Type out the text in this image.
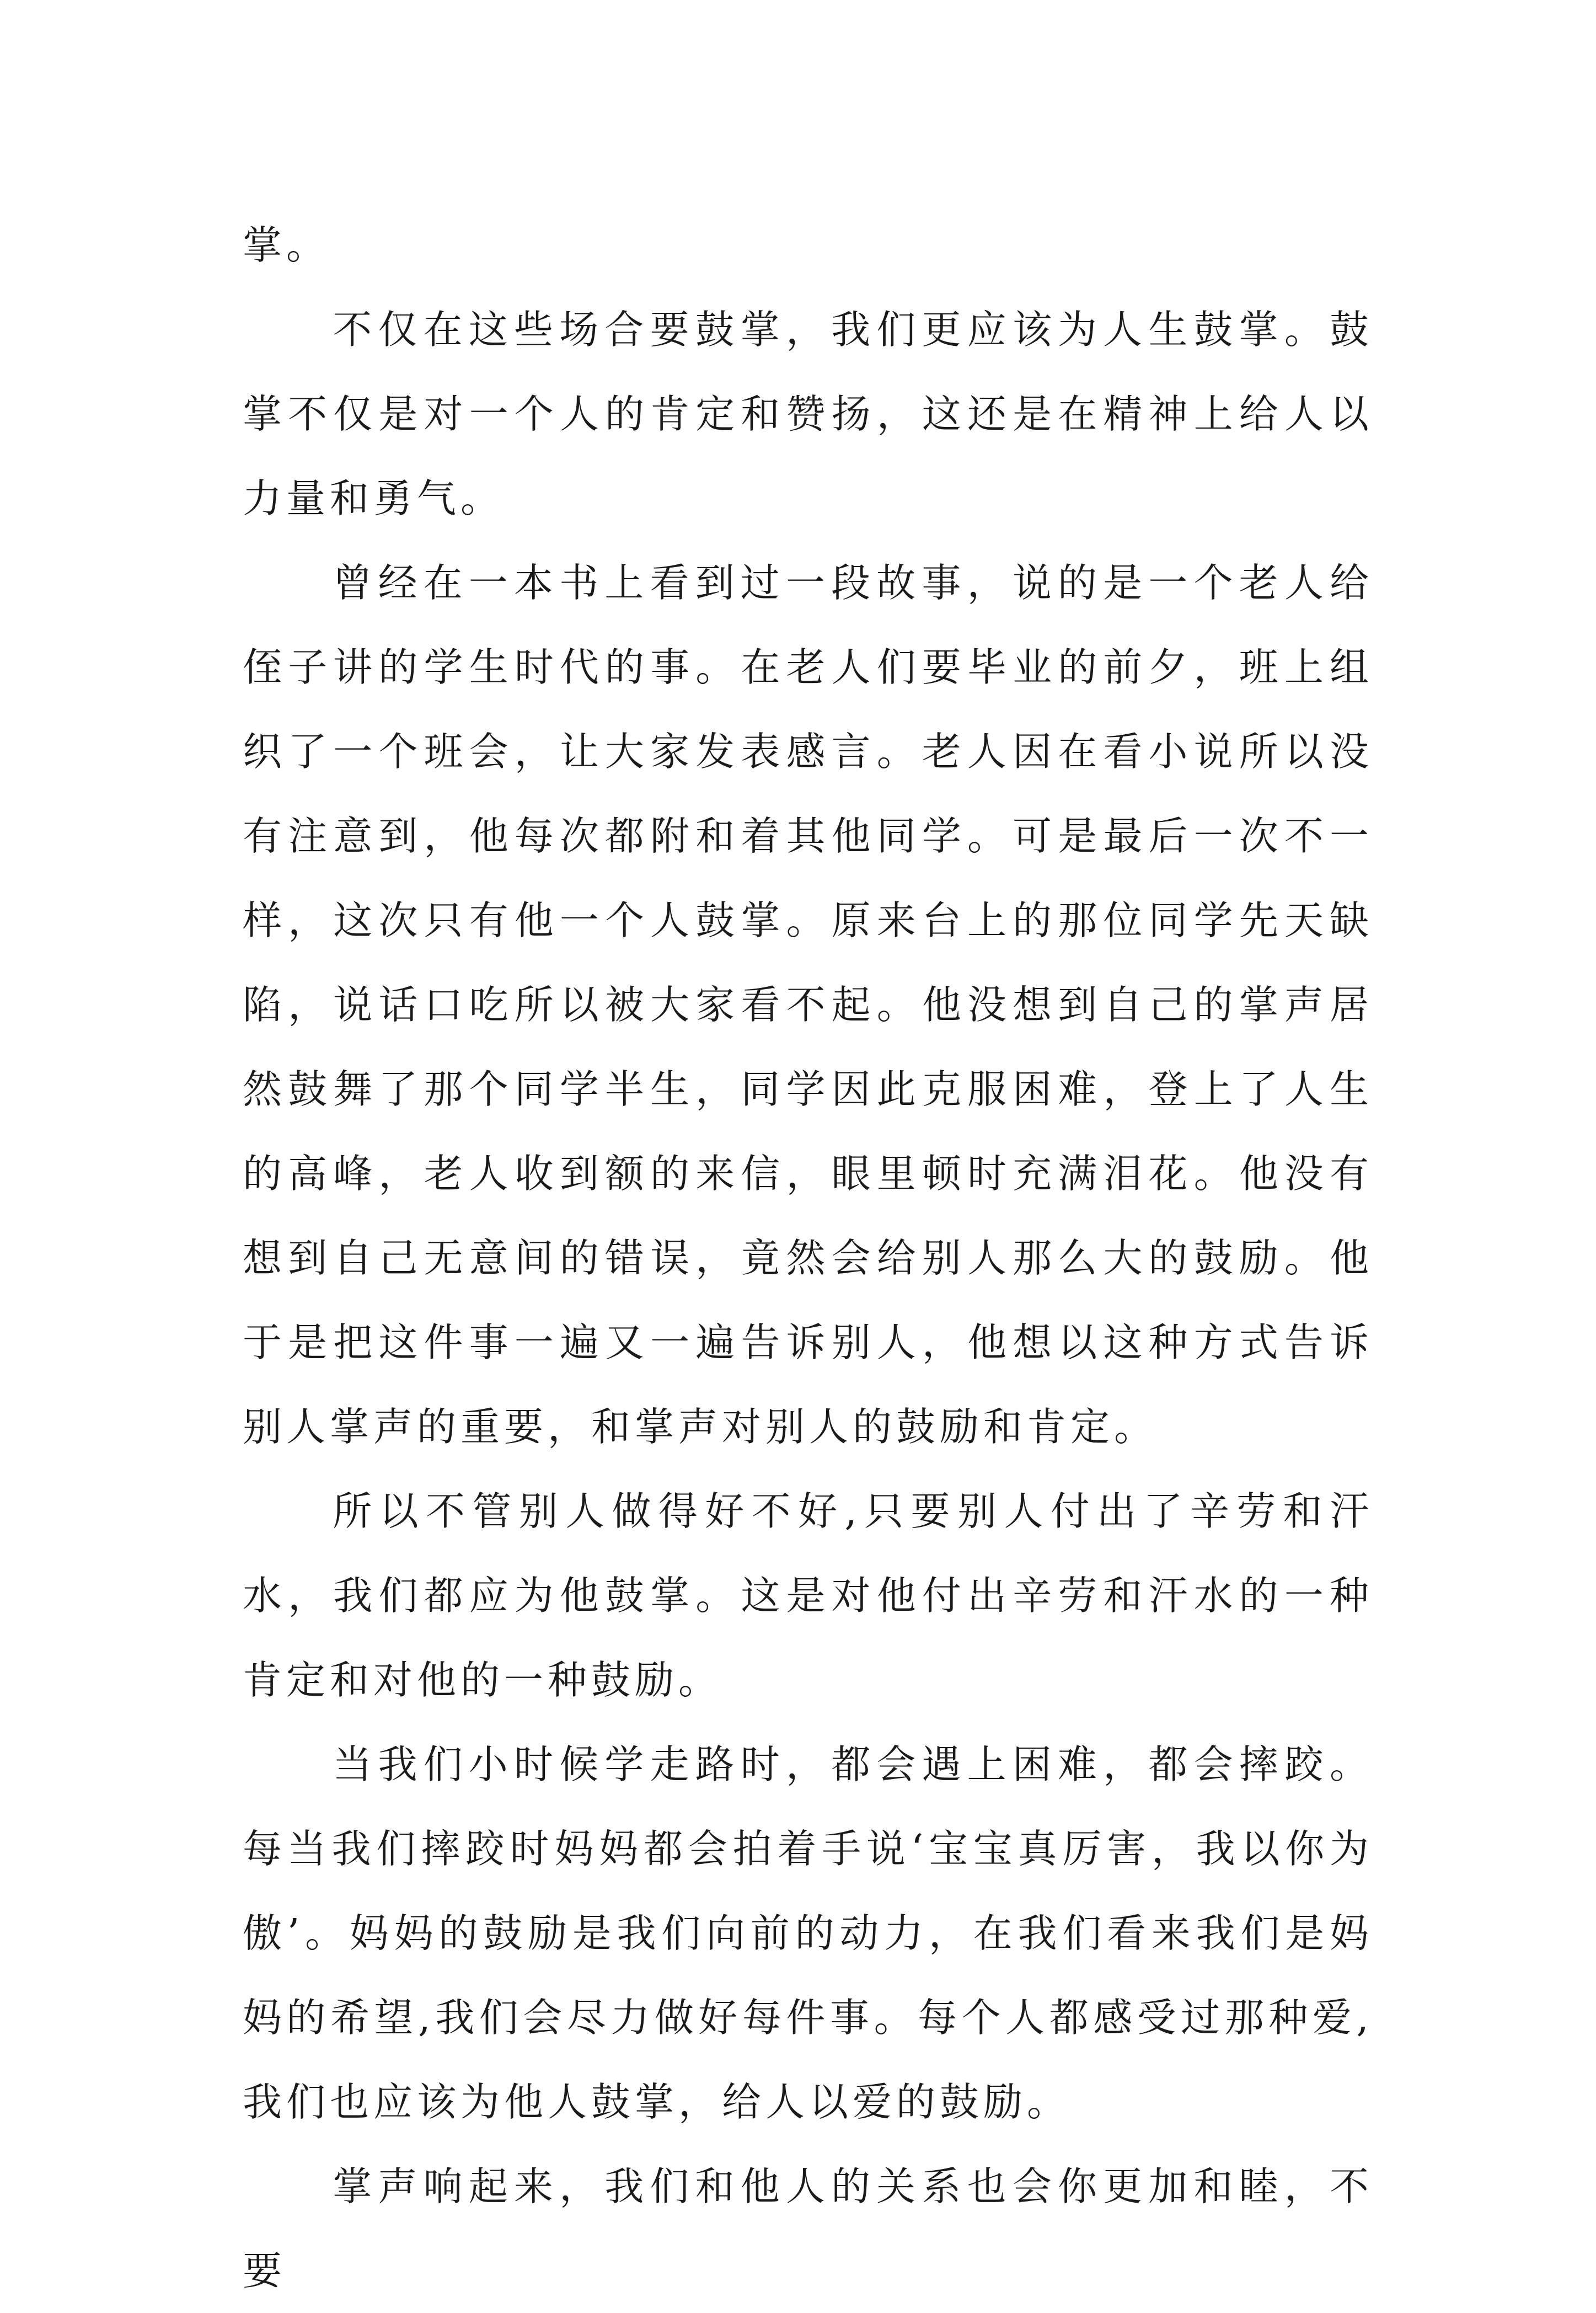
掌。

不仅在这些场合要鼓掌，我们更应该为人生鼓掌。鼓掌不仅是对一个人的肯定和赞扬，这还是在精神上给人以力量和勇气。

曾经在一本书上看到过一段故事，说的是一个老人给侄子讲的学生时代的事。在老人们要毕业的前夕，班上组织了一个班会，让大家发表感言。老人因在看小说所以没有注意到，他每次都附和着其他同学。可是最后一次不一样，这次只有他一个人鼓掌。原来台上的那位同学先天缺陷，说话口吃所以被大家看不起。他没想到自己的掌声居然鼓舞了那个同学半生，同学因此克服困难，登上了人生的高峰，老人收到额的来信，眼里顿时充满泪花。他没有想到自己无意间的错误，竟然会给别人那么大的鼓励。他于是把这件事一遍又一遍告诉别人，他想以这种方式告诉别人掌声的重要，和掌声对别人的鼓励和肯定。

所以不管别人做得好不好,只要别人付出了辛劳和汗水，我们都应为他鼓掌。这是对他付出辛劳和汗水的一种肯定和对他的一种鼓励。

当我们小时候学走路时，都会遇上困难，都会摔跤。每当我们摔跤时妈妈都会拍着手说‘宝宝真厉害，我以你为傲’。妈妈的鼓励是我们向前的动力，在我们看来我们是妈妈的希望,我们会尽力做好每件事。每个人都感受过那种爱,我们也应该为他人鼓掌，给人以爱的鼓励。

掌声响起来，我们和他人的关系也会你更加和睦，不要
